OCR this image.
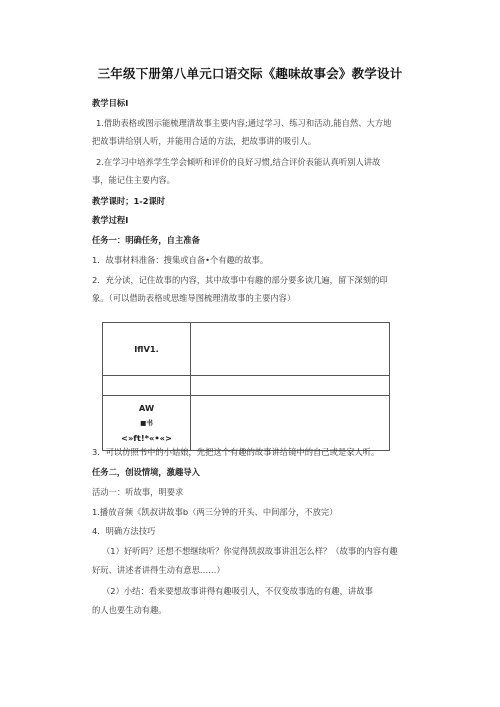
三年级下册第八单元口语交际《趣味故事会》教学设计
教学目标I
1.借助表格或图示能梳理清故事主要内容;通过学习、练习和活动,能自然、大方地
把故事讲给别人听，并能用合适的方法，把故事讲的吸引人。
2.在学习中培养学生学会倾听和评价的良好习惯,结合评价表能认真听别人讲故
事，能记住主要内容。
教学课时；1-2课时
教学过程I
任务一：明确任务，自主准备
1．故事材料准备：搜集或自备•个有趣的故事。
2．充分读，记住故事的内容，其中故事中有趣的部分要多读几遍，留下深刻的印
象。（可以借助表格或思维导图梳理清故事的主要内容）
IflV1.	

AW
■书
<»ft!*«•«>	

3．可以仿照书中的小姑娘，先把这个有趣的故事讲给镜中的自己或是家人听。
任务二，创设情境，激趣导入
活动一：听故事，明要求
1.播放音频《凯叔讲故事b（两三分钟的开头、中间部分，不放完）
4．明确方法技巧
（1）好听吗？还想不想继续听？你觉得凯叔故事讲沮怎么样？（故事的内容有趣
好玩、讲述者讲得生动有意思……）
（2）小结：看来要想故事讲得有趣吸引人，不仅变故事选的有趣，讲故事
的人也要生动有趣。
